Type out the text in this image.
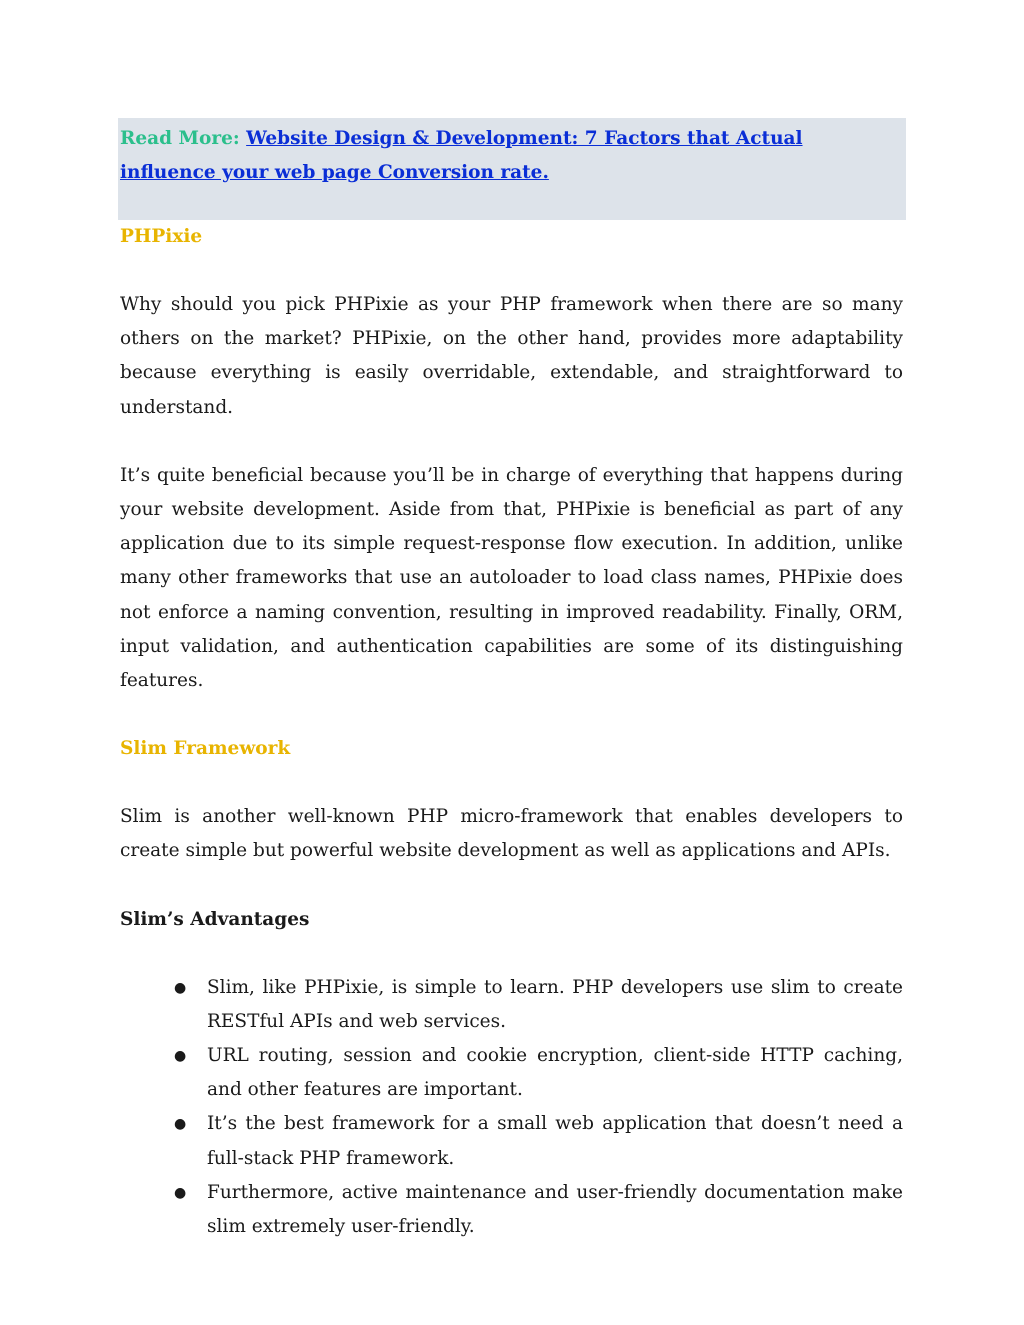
Read More: Website Design & Development: 7 Factors that Actual influence your web page Conversion rate.
PHPixie

Why should you pick PHPixie as your PHP framework when there are so many others on the market? PHPixie, on the other hand, provides more adaptability because everything is easily overridable, extendable, and straightforward to understand.

It’s quite beneficial because you’ll be in charge of everything that happens during your website development. Aside from that, PHPixie is beneficial as part of any application due to its simple request-response flow execution. In addition, unlike many other frameworks that use an autoloader to load class names, PHPixie does not enforce a naming convention, resulting in improved readability. Finally, ORM, input validation, and authentication capabilities are some of its distinguishing features.

Slim Framework

Slim is another well-known PHP micro-framework that enables developers to create simple but powerful website development as well as applications and APIs.

Slim’s Advantages
● Slim, like PHPixie, is simple to learn. PHP developers use slim to create RESTful APIs and web services.
● URL routing, session and cookie encryption, client-side HTTP caching, and other features are important.
● It’s the best framework for a small web application that doesn’t need a full-stack PHP framework.
● Furthermore, active maintenance and user-friendly documentation make slim extremely user-friendly.
